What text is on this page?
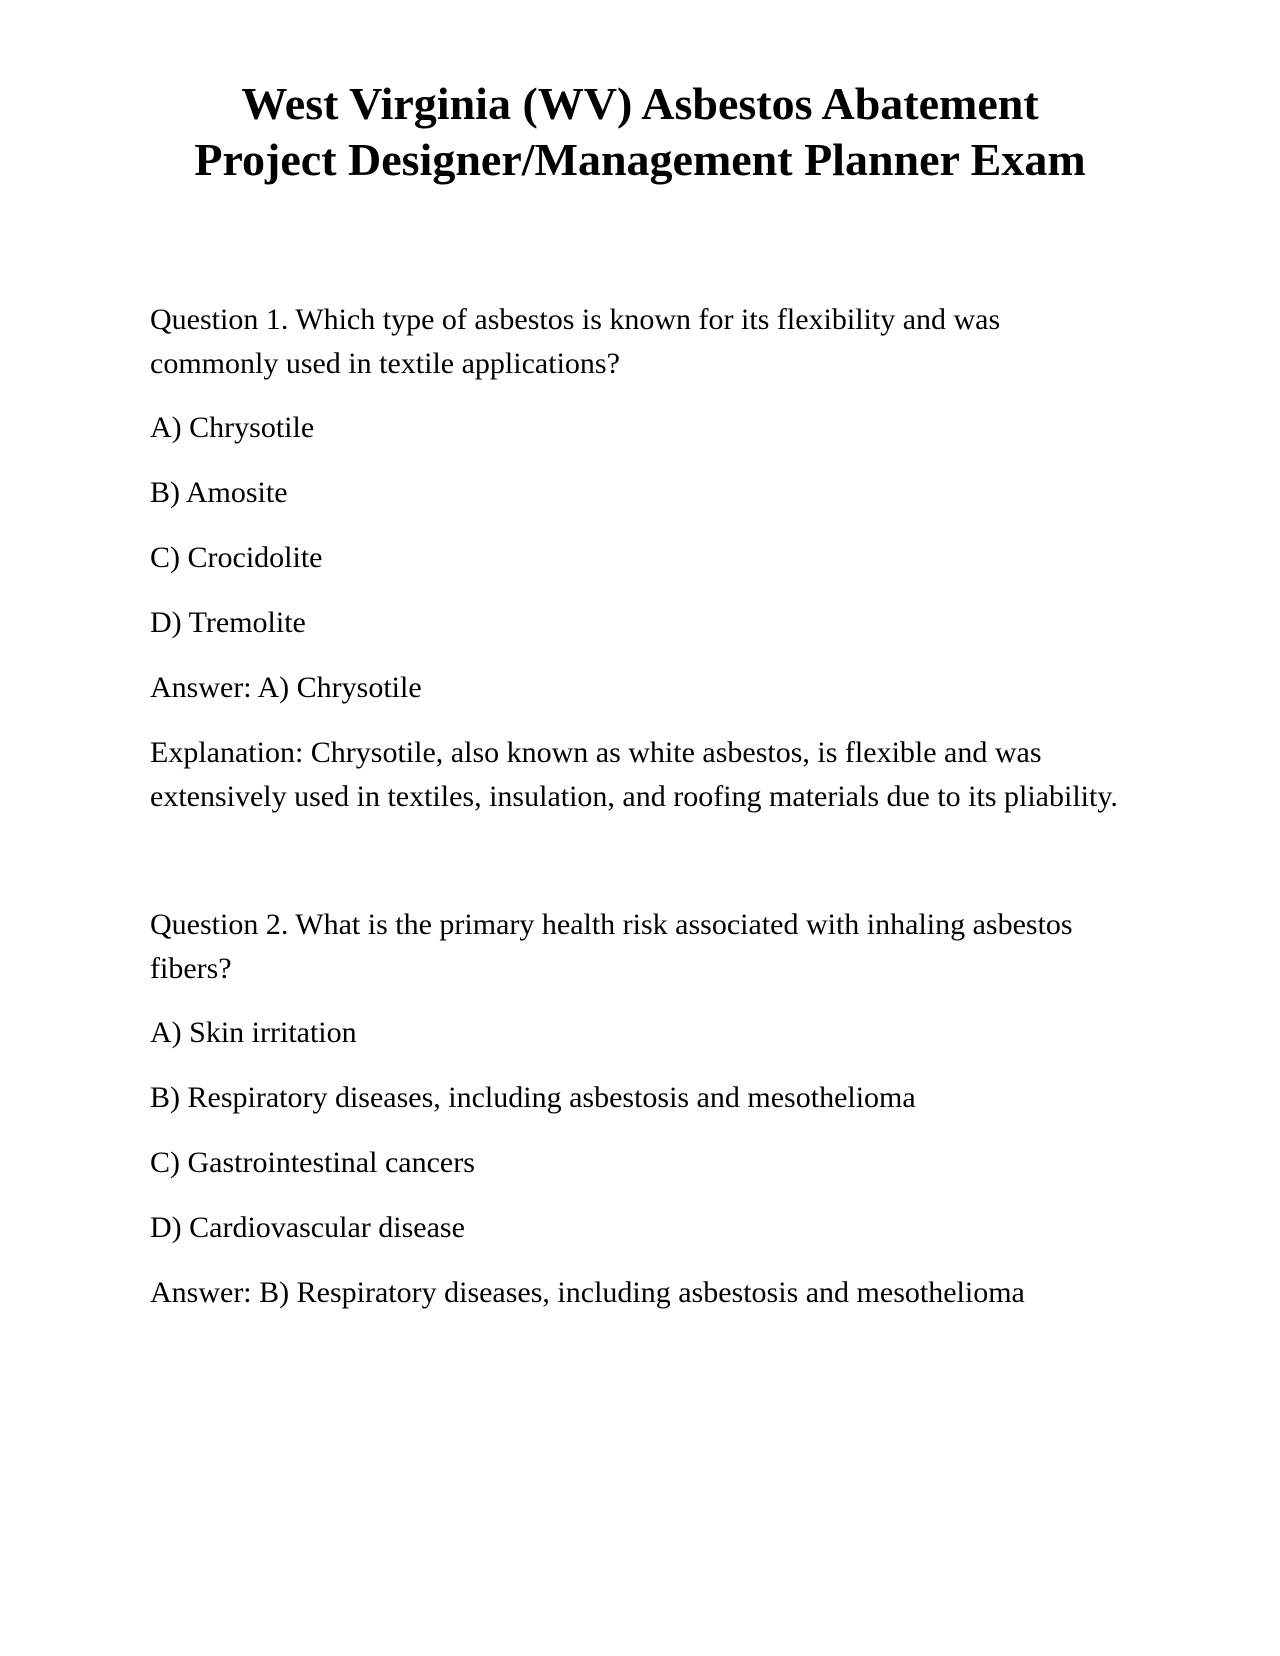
West Virginia (WV) Asbestos Abatement
Project Designer/Management Planner Exam

Question 1. Which type of asbestos is known for its flexibility and was commonly used in textile applications?

A) Chrysotile

B) Amosite

C) Crocidolite

D) Tremolite

Answer: A) Chrysotile

Explanation: Chrysotile, also known as white asbestos, is flexible and was extensively used in textiles, insulation, and roofing materials due to its pliability.

Question 2. What is the primary health risk associated with inhaling asbestos fibers?

A) Skin irritation

B) Respiratory diseases, including asbestosis and mesothelioma

C) Gastrointestinal cancers

D) Cardiovascular disease

Answer: B) Respiratory diseases, including asbestosis and mesothelioma
